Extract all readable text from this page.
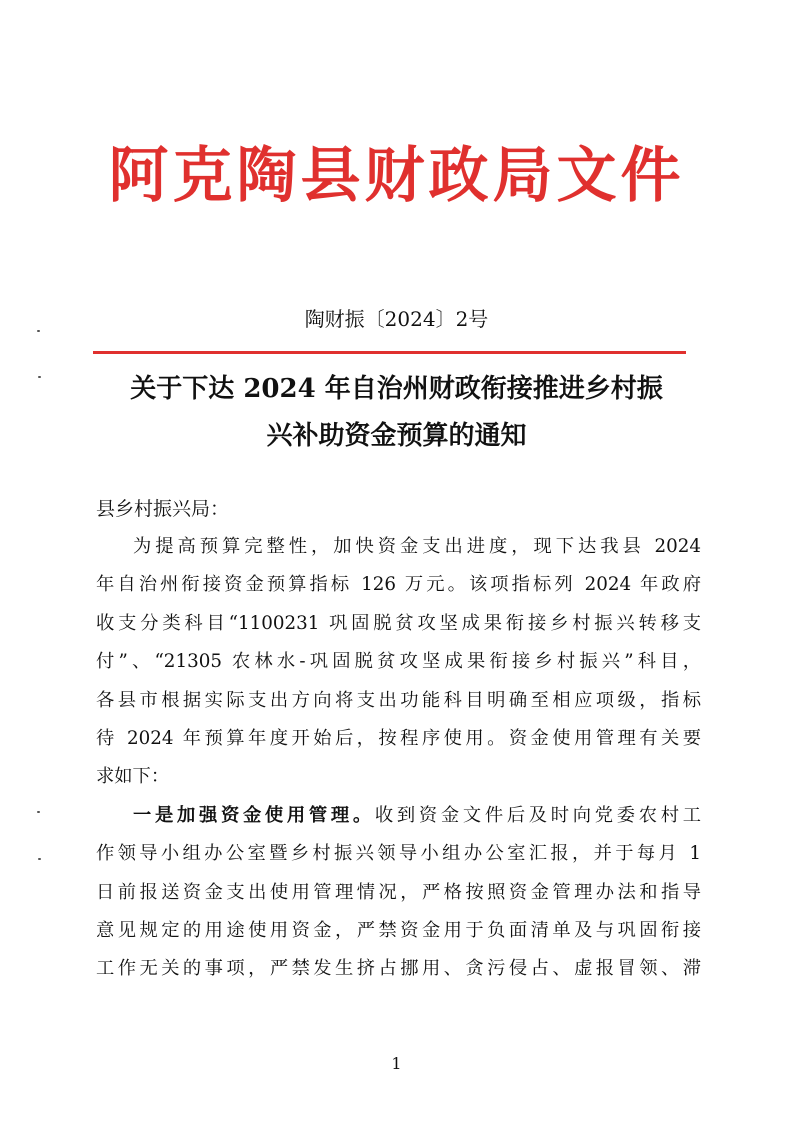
阿克陶县财政局文件
陶财振〔2024〕2号
关于下达 2024 年自治州财政衔接推进乡村振
兴补助资金预算的通知
县乡村振兴局：
为提高预算完整性，加快资金支出进度，现下达我县 2024
年自治州衔接资金预算指标 126 万元。该项指标列 2024 年政府
收支分类科目“1100231 巩固脱贫攻坚成果衔接乡村振兴转移支
付”、“21305 农林水-巩固脱贫攻坚成果衔接乡村振兴”科目，
各县市根据实际支出方向将支出功能科目明确至相应项级，指标
待 2024 年预算年度开始后，按程序使用。资金使用管理有关要
求如下：
一是加强资金使用管理。收到资金文件后及时向党委农村工
作领导小组办公室暨乡村振兴领导小组办公室汇报，并于每月 1
日前报送资金支出使用管理情况，严格按照资金管理办法和指导
意见规定的用途使用资金，严禁资金用于负面清单及与巩固衔接
工作无关的事项，严禁发生挤占挪用、贪污侵占、虚报冒领、滞
1
